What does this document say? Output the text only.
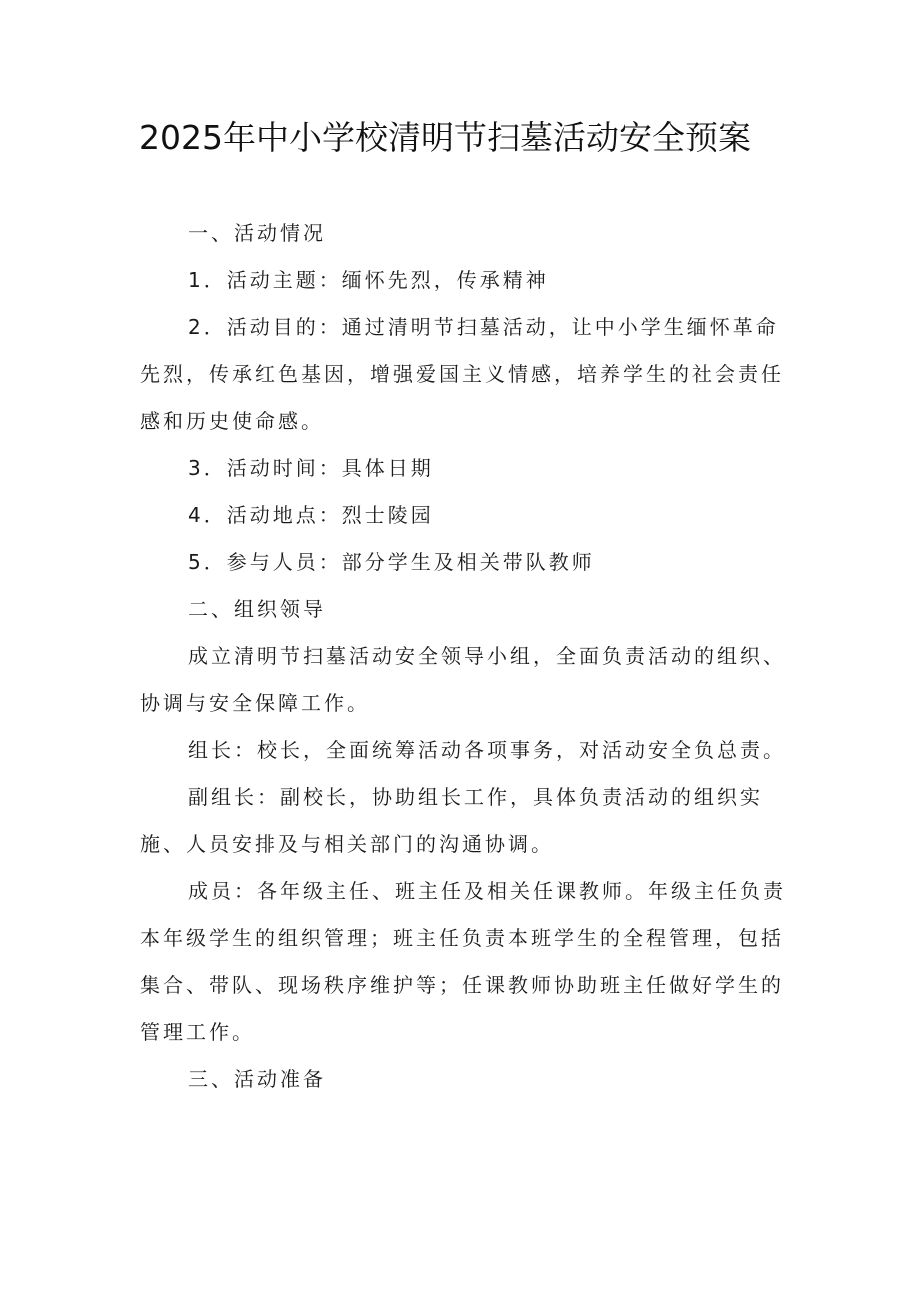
2025年中小学校清明节扫墓活动安全预案

一、活动情况

1．活动主题：缅怀先烈，传承精神

2．活动目的：通过清明节扫墓活动，让中小学生缅怀革命先烈，传承红色基因，增强爱国主义情感，培养学生的社会责任感和历史使命感。

3．活动时间：具体日期

4．活动地点：烈士陵园

5．参与人员：部分学生及相关带队教师

二、组织领导

成立清明节扫墓活动安全领导小组，全面负责活动的组织、协调与安全保障工作。

组长：校长，全面统筹活动各项事务，对活动安全负总责。

副组长：副校长，协助组长工作，具体负责活动的组织实施、人员安排及与相关部门的沟通协调。

成员：各年级主任、班主任及相关任课教师。年级主任负责本年级学生的组织管理；班主任负责本班学生的全程管理，包括集合、带队、现场秩序维护等；任课教师协助班主任做好学生的管理工作。

三、活动准备
